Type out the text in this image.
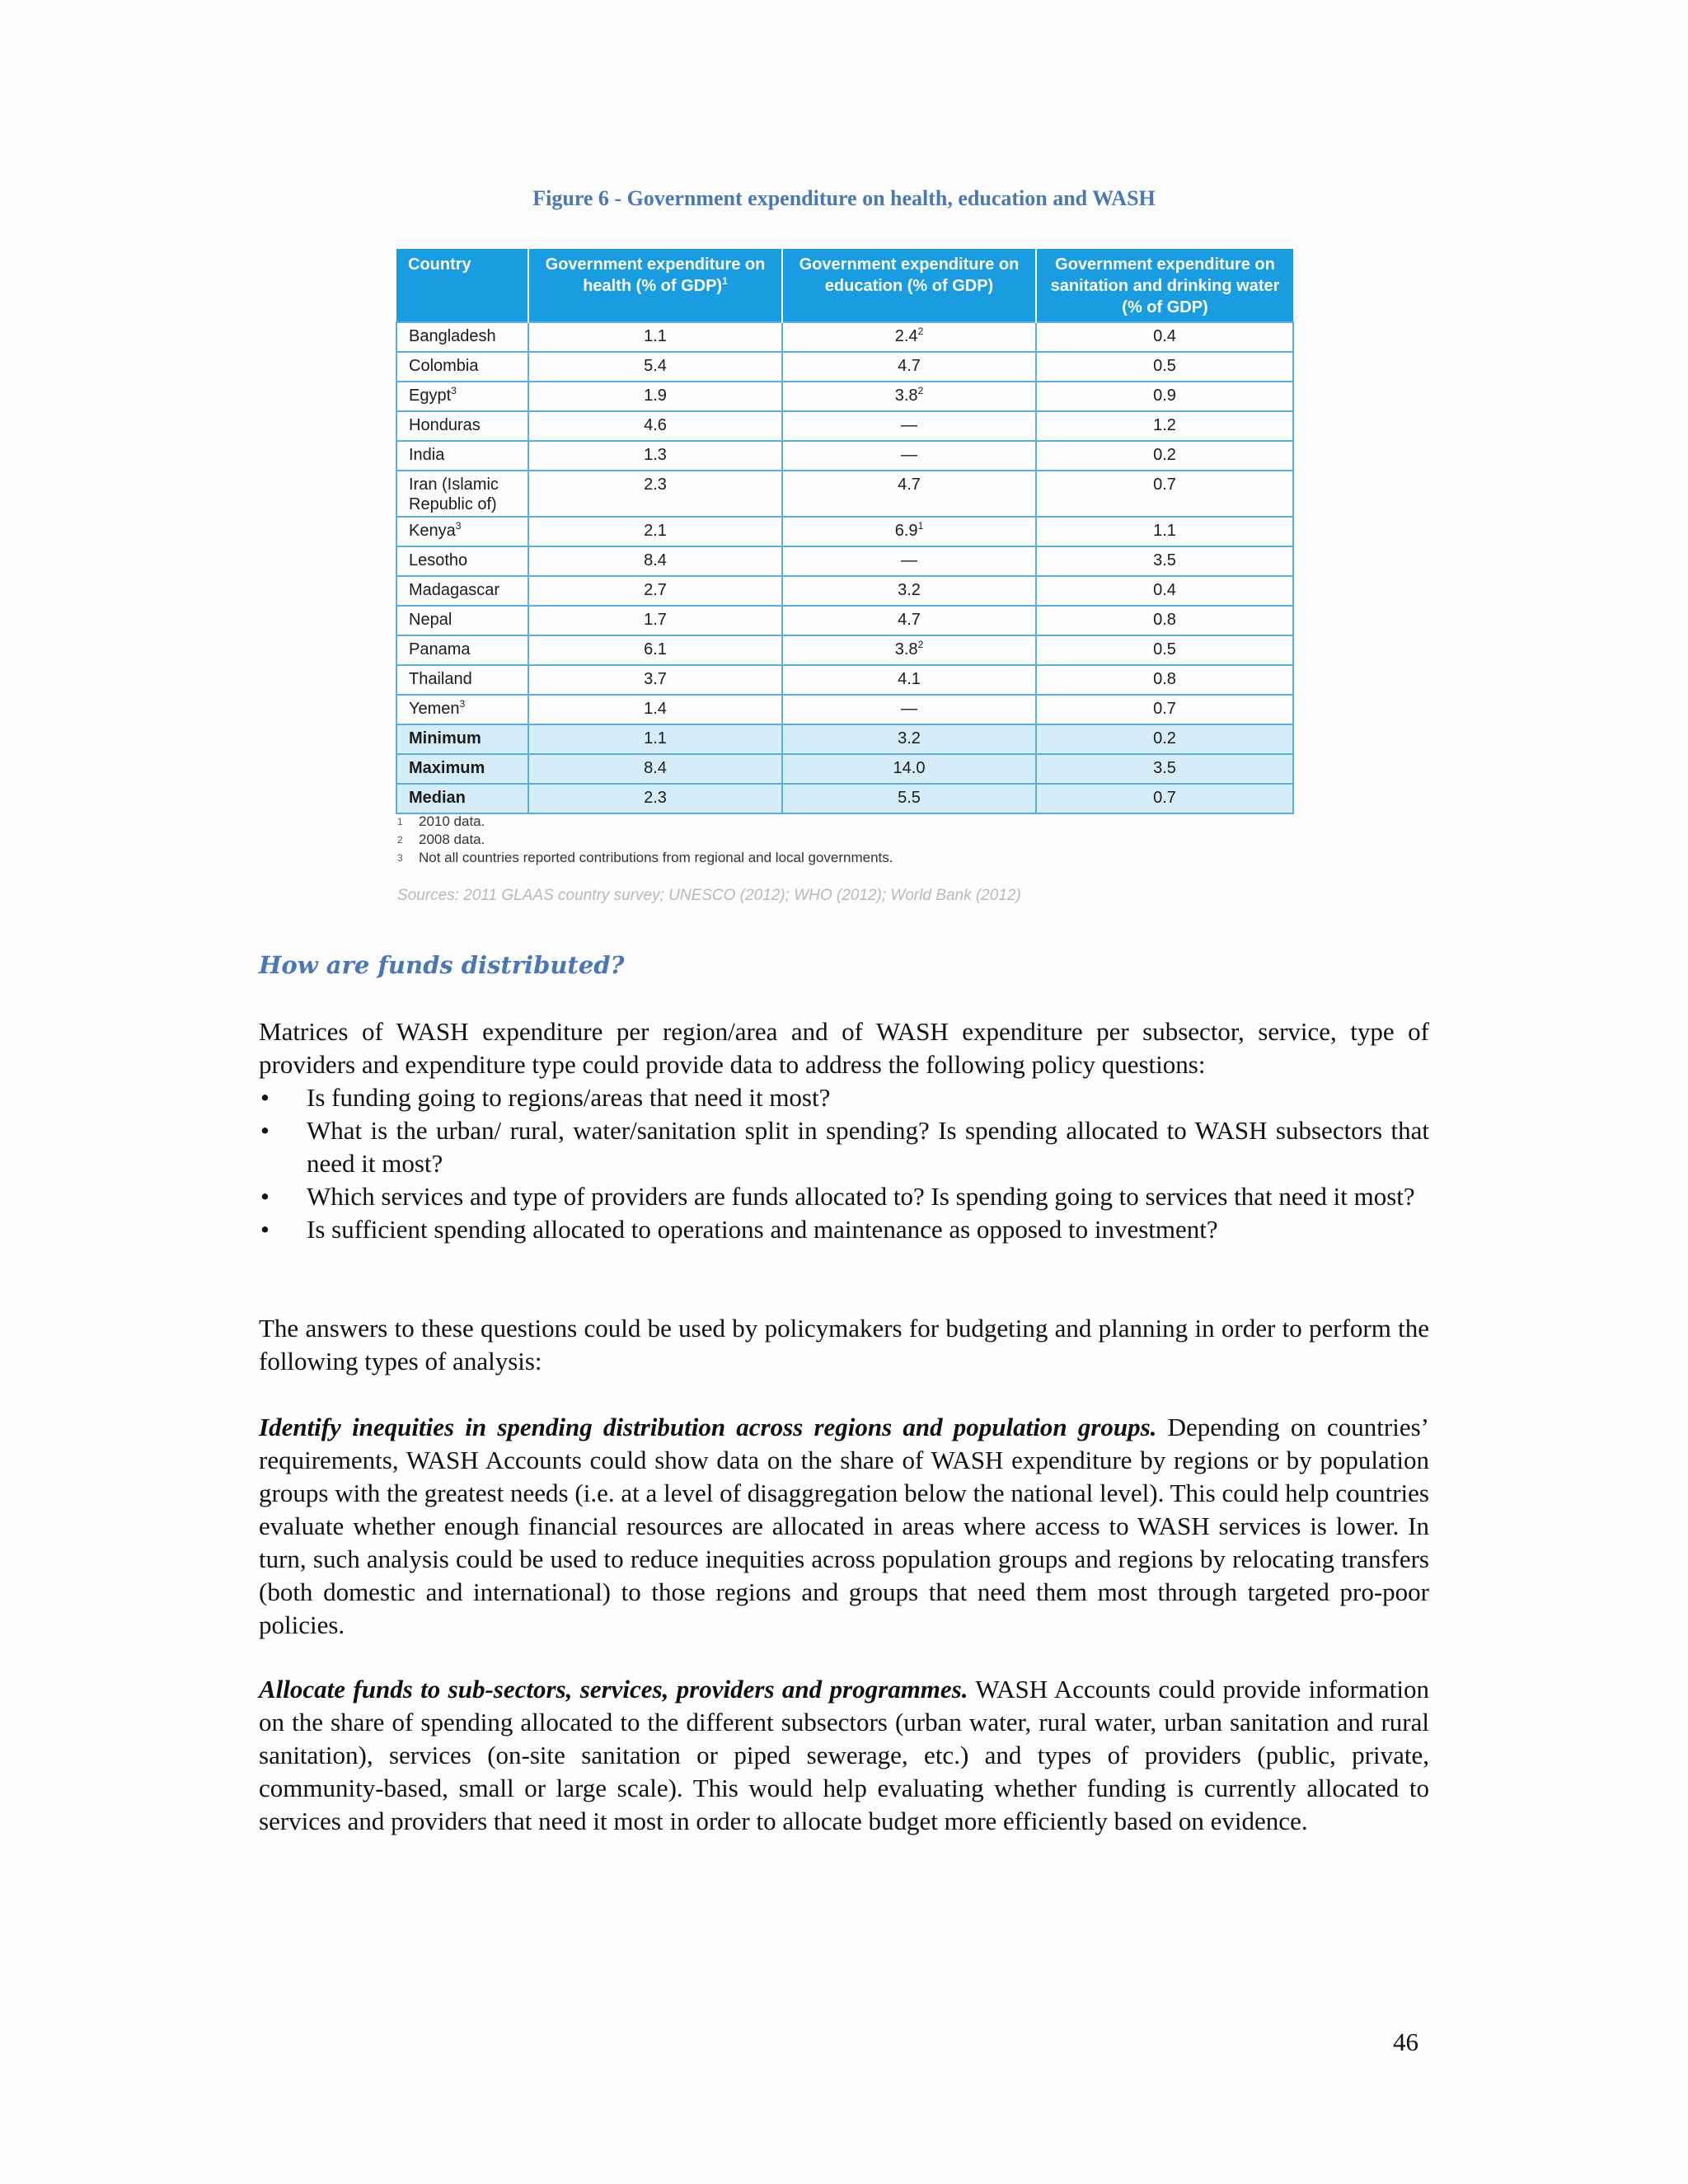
Figure 6 - Government expenditure on health, education and WASH
Country	Government expenditure on health (% of GDP)$^1$	Government expenditure on education (% of GDP)	Government expenditure on sanitation and drinking water (% of GDP)
Bangladesh	1.1	$2.4^2$	0.4
Colombia	5.4	4.7	0.5
Egypt$^3$	1.9	$3.8^2$	0.9
Honduras	4.6	—	1.2
India	1.3	—	0.2
Iran (Islamic Republic of)	2.3	4.7	0.7
Kenya$^3$	2.1	$6.9^1$	1.1
Lesotho	8.4	—	3.5
Madagascar	2.7	3.2	0.4
Nepal	1.7	4.7	0.8
Panama	6.1	$3.8^2$	0.5
Thailand	3.7	4.1	0.8
Yemen$^3$	1.4	—	0.7
Minimum	1.1	3.2	0.2
Maximum	8.4	14.0	3.5
Median	2.3	5.5	0.7
1	2010 data.
2	2008 data.
3	Not all countries reported contributions from regional and local governments.
Sources: 2011 GLAAS country survey; UNESCO (2012); WHO (2012); World Bank (2012)
How are funds distributed?
Matrices of WASH expenditure per region/area and of WASH expenditure per subsector, service, type of providers and expenditure type could provide data to address the following policy questions:
•	Is funding going to regions/areas that need it most?
•	What is the urban/ rural, water/sanitation split in spending? Is spending allocated to WASH subsectors that need it most?
•	Which services and type of providers are funds allocated to? Is spending going to services that need it most?
•	Is sufficient spending allocated to operations and maintenance as opposed to investment?
The answers to these questions could be used by policymakers for budgeting and planning in order to perform the following types of analysis:
Identify inequities in spending distribution across regions and population groups. Depending on countries’ requirements, WASH Accounts could show data on the share of WASH expenditure by regions or by population groups with the greatest needs (i.e. at a level of disaggregation below the national level). This could help countries evaluate whether enough financial resources are allocated in areas where access to WASH services is lower. In turn, such analysis could be used to reduce inequities across population groups and regions by relocating transfers (both domestic and international) to those regions and groups that need them most through targeted pro-poor policies.
Allocate funds to sub-sectors, services, providers and programmes. WASH Accounts could provide information on the share of spending allocated to the different subsectors (urban water, rural water, urban sanitation and rural sanitation), services (on-site sanitation or piped sewerage, etc.) and types of providers (public, private, community-based, small or large scale). This would help evaluating whether funding is currently allocated to services and providers that need it most in order to allocate budget more efficiently based on evidence.
46
